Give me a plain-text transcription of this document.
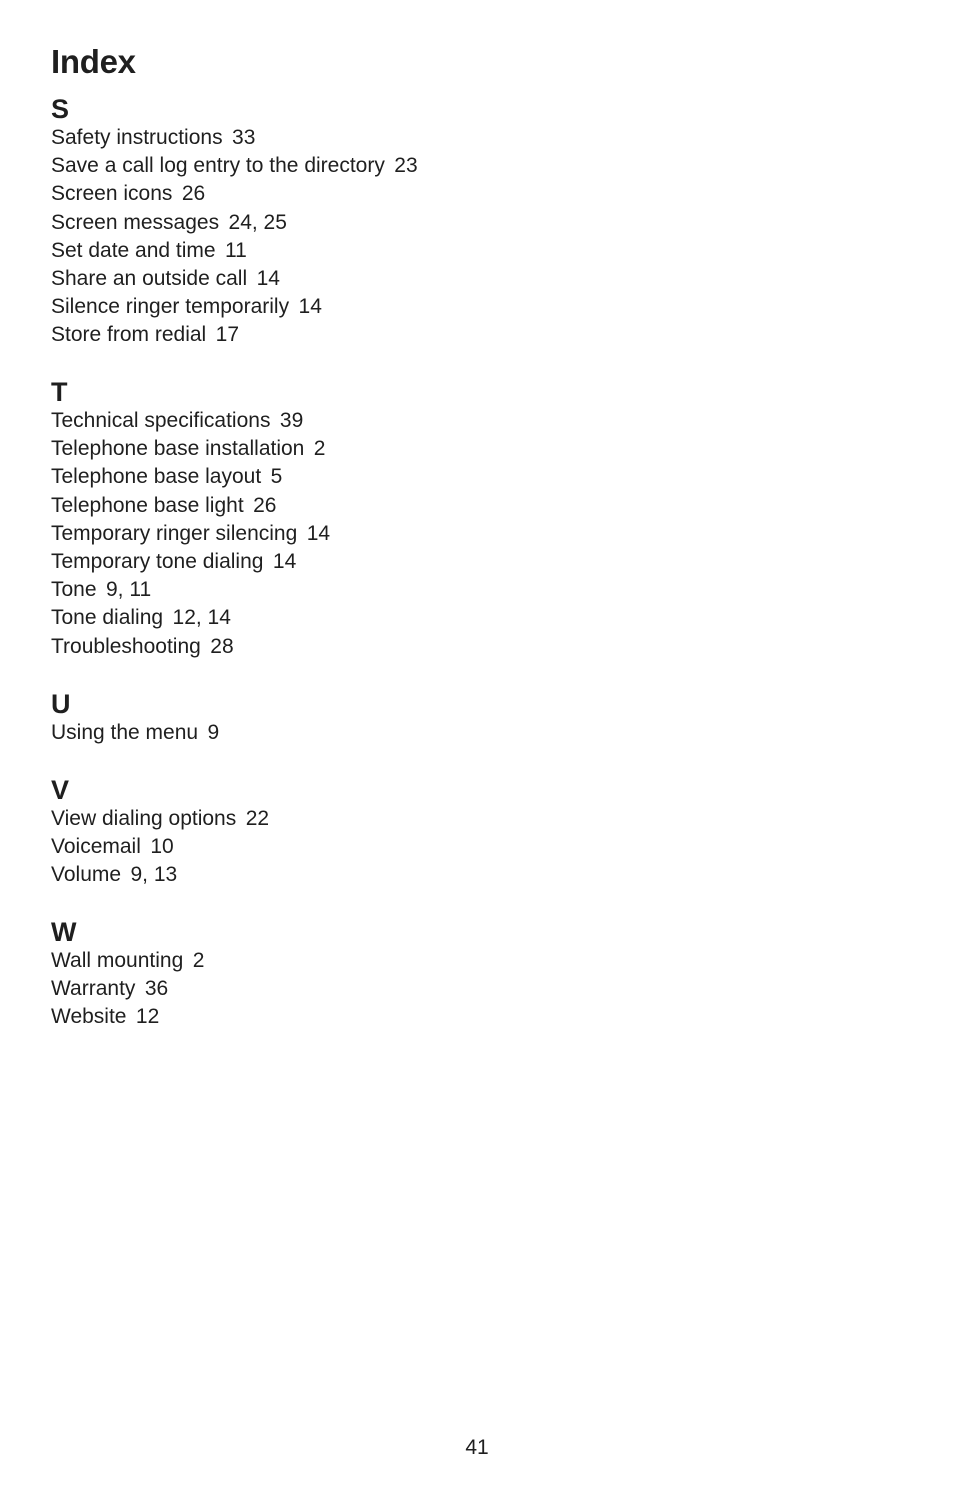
Index
S
Safety instructions 33
Save a call log entry to the directory 23
Screen icons 26
Screen messages 24, 25
Set date and time 11
Share an outside call 14
Silence ringer temporarily 14
Store from redial 17
T
Technical specifications 39
Telephone base installation 2
Telephone base layout 5
Telephone base light 26
Temporary ringer silencing 14
Temporary tone dialing 14
Tone 9, 11
Tone dialing 12, 14
Troubleshooting 28
U
Using the menu 9
V
View dialing options 22
Voicemail 10
Volume 9, 13
W
Wall mounting 2
Warranty 36
Website 12
41
